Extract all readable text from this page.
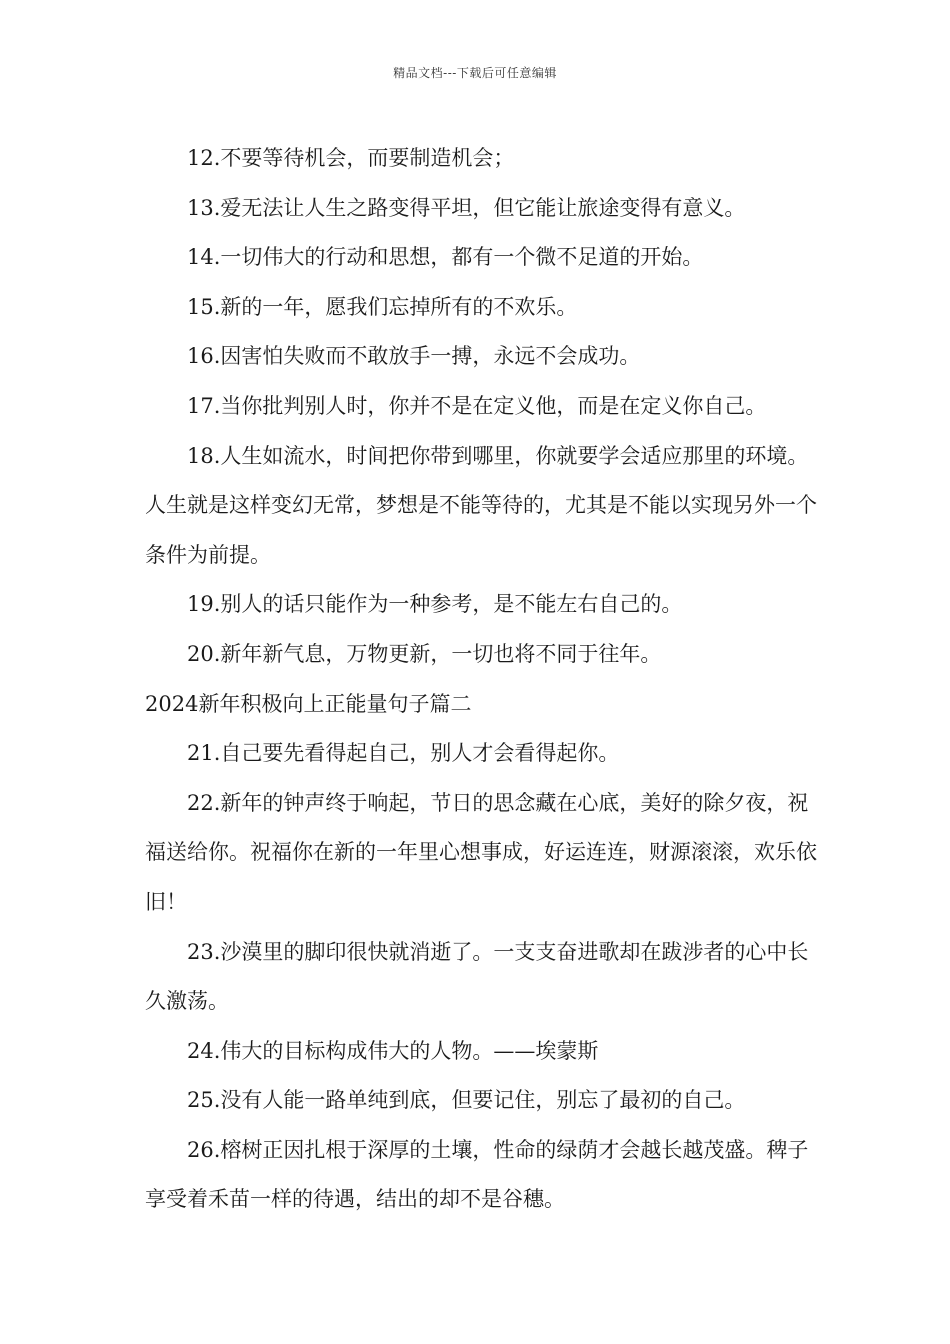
精品文档---下载后可任意编辑

12.不要等待机会，而要制造机会；

13.爱无法让人生之路变得平坦，但它能让旅途变得有意义。

14.一切伟大的行动和思想，都有一个微不足道的开始。

15.新的一年，愿我们忘掉所有的不欢乐。

16.因害怕失败而不敢放手一搏，永远不会成功。

17.当你批判别人时，你并不是在定义他，而是在定义你自己。

18.人生如流水，时间把你带到哪里，你就要学会适应那里的环境。人生就是这样变幻无常，梦想是不能等待的，尤其是不能以实现另外一个条件为前提。

19.别人的话只能作为一种参考，是不能左右自己的。

20.新年新气息，万物更新，一切也将不同于往年。

2024新年积极向上正能量句子篇二

21.自己要先看得起自己，别人才会看得起你。

22.新年的钟声终于响起，节日的思念藏在心底，美好的除夕夜，祝福送给你。祝福你在新的一年里心想事成，好运连连，财源滚滚，欢乐依旧！

23.沙漠里的脚印很快就消逝了。一支支奋进歌却在跋涉者的心中长久激荡。

24.伟大的目标构成伟大的人物。——埃蒙斯

25.没有人能一路单纯到底，但要记住，别忘了最初的自己。

26.榕树正因扎根于深厚的土壤，性命的绿荫才会越长越茂盛。稗子享受着禾苗一样的待遇，结出的却不是谷穗。
